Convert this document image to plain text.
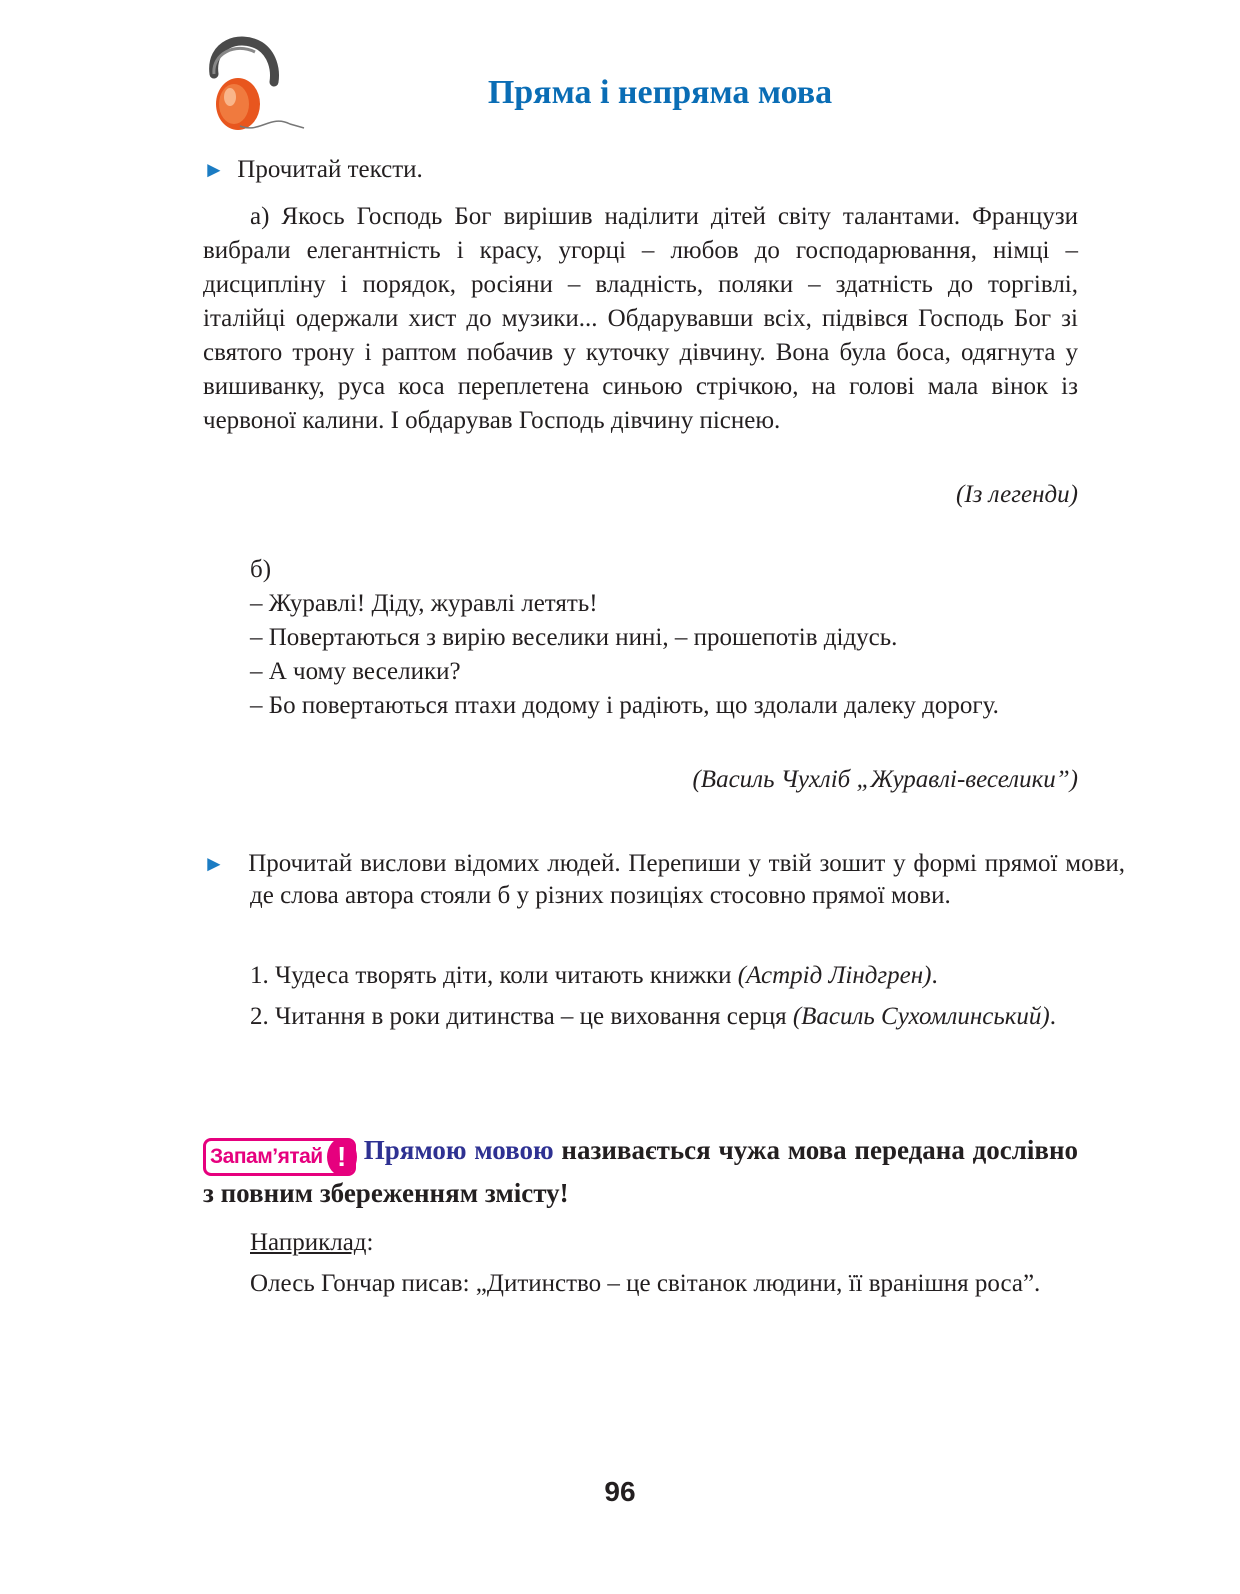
Пряма і непряма мова
► Прочитай тексти.
а) Якось Господь Бог вирішив наділити дітей світу талантами. Французи вибрали елегантність і красу, угорці – любов до господарювання, німці – дисципліну і порядок, росіяни – владність, поляки – здатність до торгівлі, італійці одержали хист до музики... Обдарувавши всіх, підвівся Господь Бог зі святого трону і раптом побачив у куточку дівчину. Вона була боса, одягнута у вишиванку, руса коса переплетена синьою стрічкою, на голові мала вінок із червоної калини. І обдарував Господь дівчину піснею.
(Із легенди)
б)
– Журавлі! Діду, журавлі летять!
– Повертаються з вирію веселики нині, – прошепотів дідусь.
– А чому веселики?
– Бо повертаються птахи додому і радіють, що здолали далеку дорогу.
(Василь Чухліб „Журавлі-веселики”)
► Прочитай вислови відомих людей. Перепиши у твій зошит у формі прямої мови, де слова автора стояли б у різних позиціях стосовно прямої мови.
1. Чудеса творять діти, коли читають книжки (Астрід Ліндгрен).
2. Читання в роки дитинства – це виховання серця (Василь Сухомлинський).
Запам’ятай ! Прямою мовою називається чужа мова передана дослівно з повним збереженням змісту!
Наприклад:
Олесь Гончар писав: „Дитинство – це світанок людини, її вранішня роса”.
96
